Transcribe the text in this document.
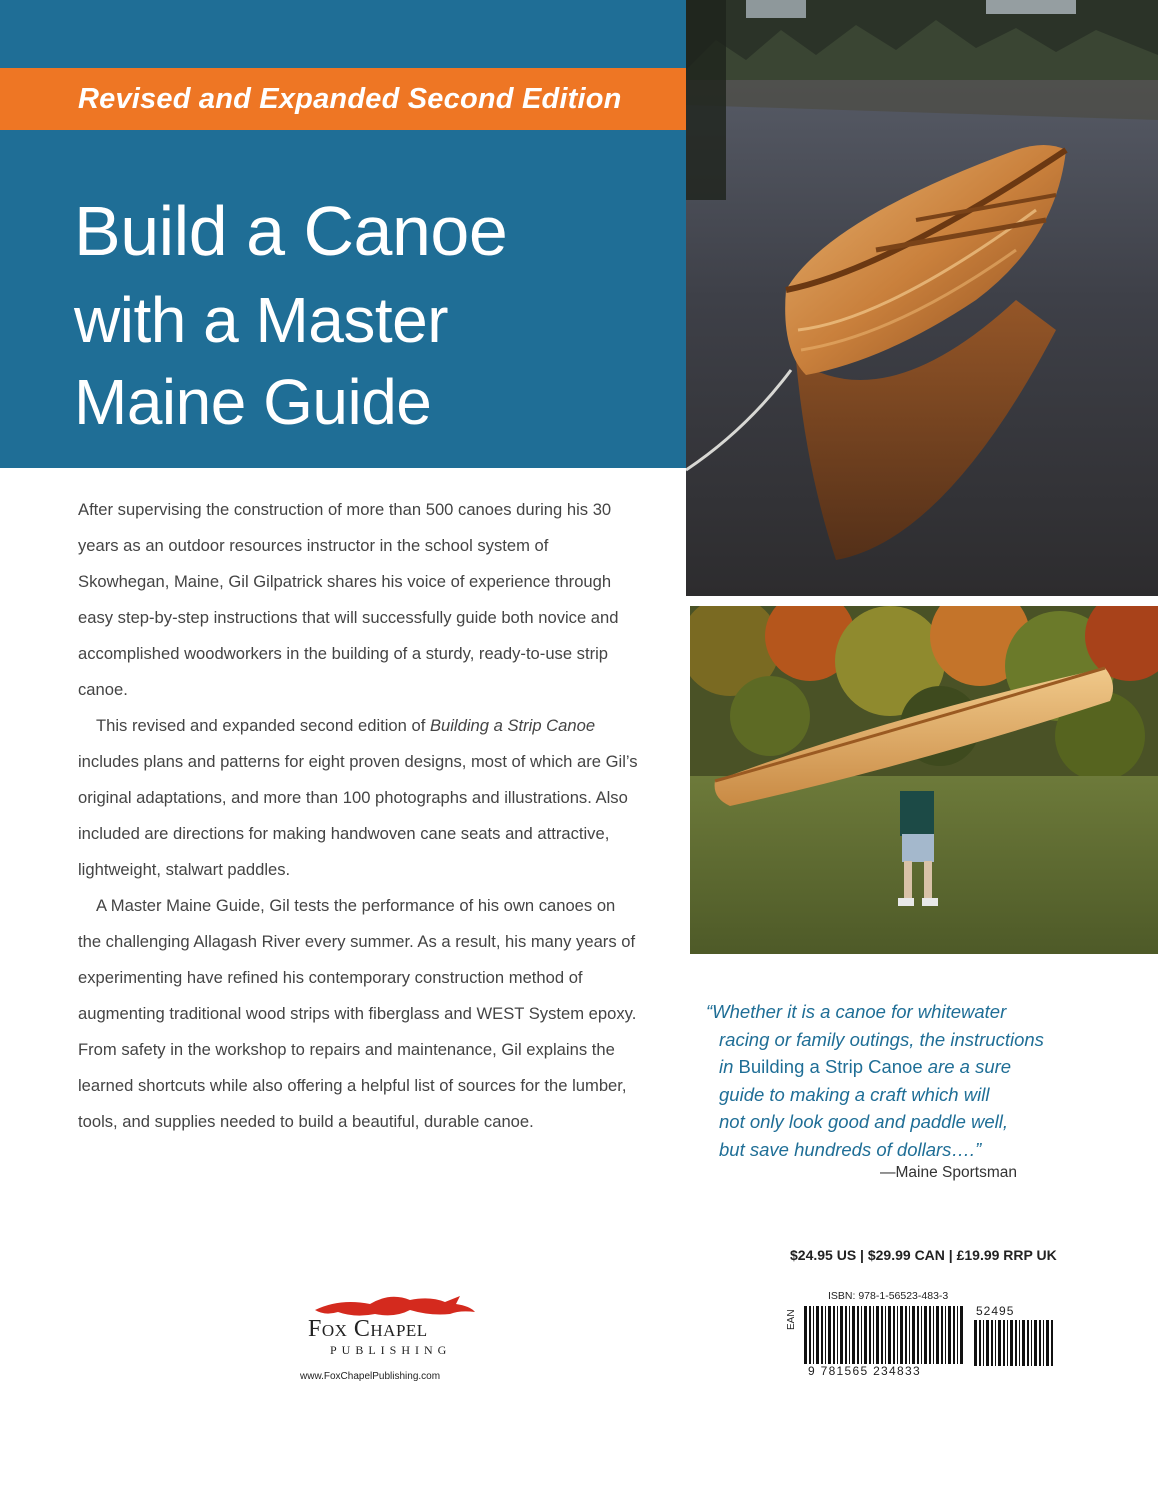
Revised and Expanded Second Edition
Build a Canoe
with a Master
Maine Guide

After supervising the construction of more than 500 canoes during his 30 years as an outdoor resources instructor in the school system of Skowhegan, Maine, Gil Gilpatrick shares his voice of experience through easy step-by-step instructions that will successfully guide both novice and accomplished woodworkers in the building of a sturdy, ready-to-use strip canoe.

This revised and expanded second edition of Building a Strip Canoe includes plans and patterns for eight proven designs, most of which are Gil’s original adaptations, and more than 100 photographs and illustrations. Also included are directions for making handwoven cane seats and attractive, lightweight, stalwart paddles.

A Master Maine Guide, Gil tests the performance of his own canoes on the challenging Allagash River every summer. As a result, his many years of experimenting have refined his contemporary construction method of augmenting traditional wood strips with fiberglass and WEST System epoxy. From safety in the workshop to repairs and maintenance, Gil explains the learned shortcuts while also offering a helpful list of sources for the lumber, tools, and supplies needed to build a beautiful, durable canoe.

“Whether it is a canoe for whitewater
racing or family outings, the instructions
in Building a Strip Canoe are a sure
guide to making a craft which will
not only look good and paddle well,
but save hundreds of dollars….”
—Maine Sportsman
$24.95 US | $29.99 CAN | £19.99 RRP UK
ISBN: 978-1-56523-483-3
EAN	52495
9 781565 234833
Fox Chapel
PUBLISHING
www.FoxChapelPublishing.com
